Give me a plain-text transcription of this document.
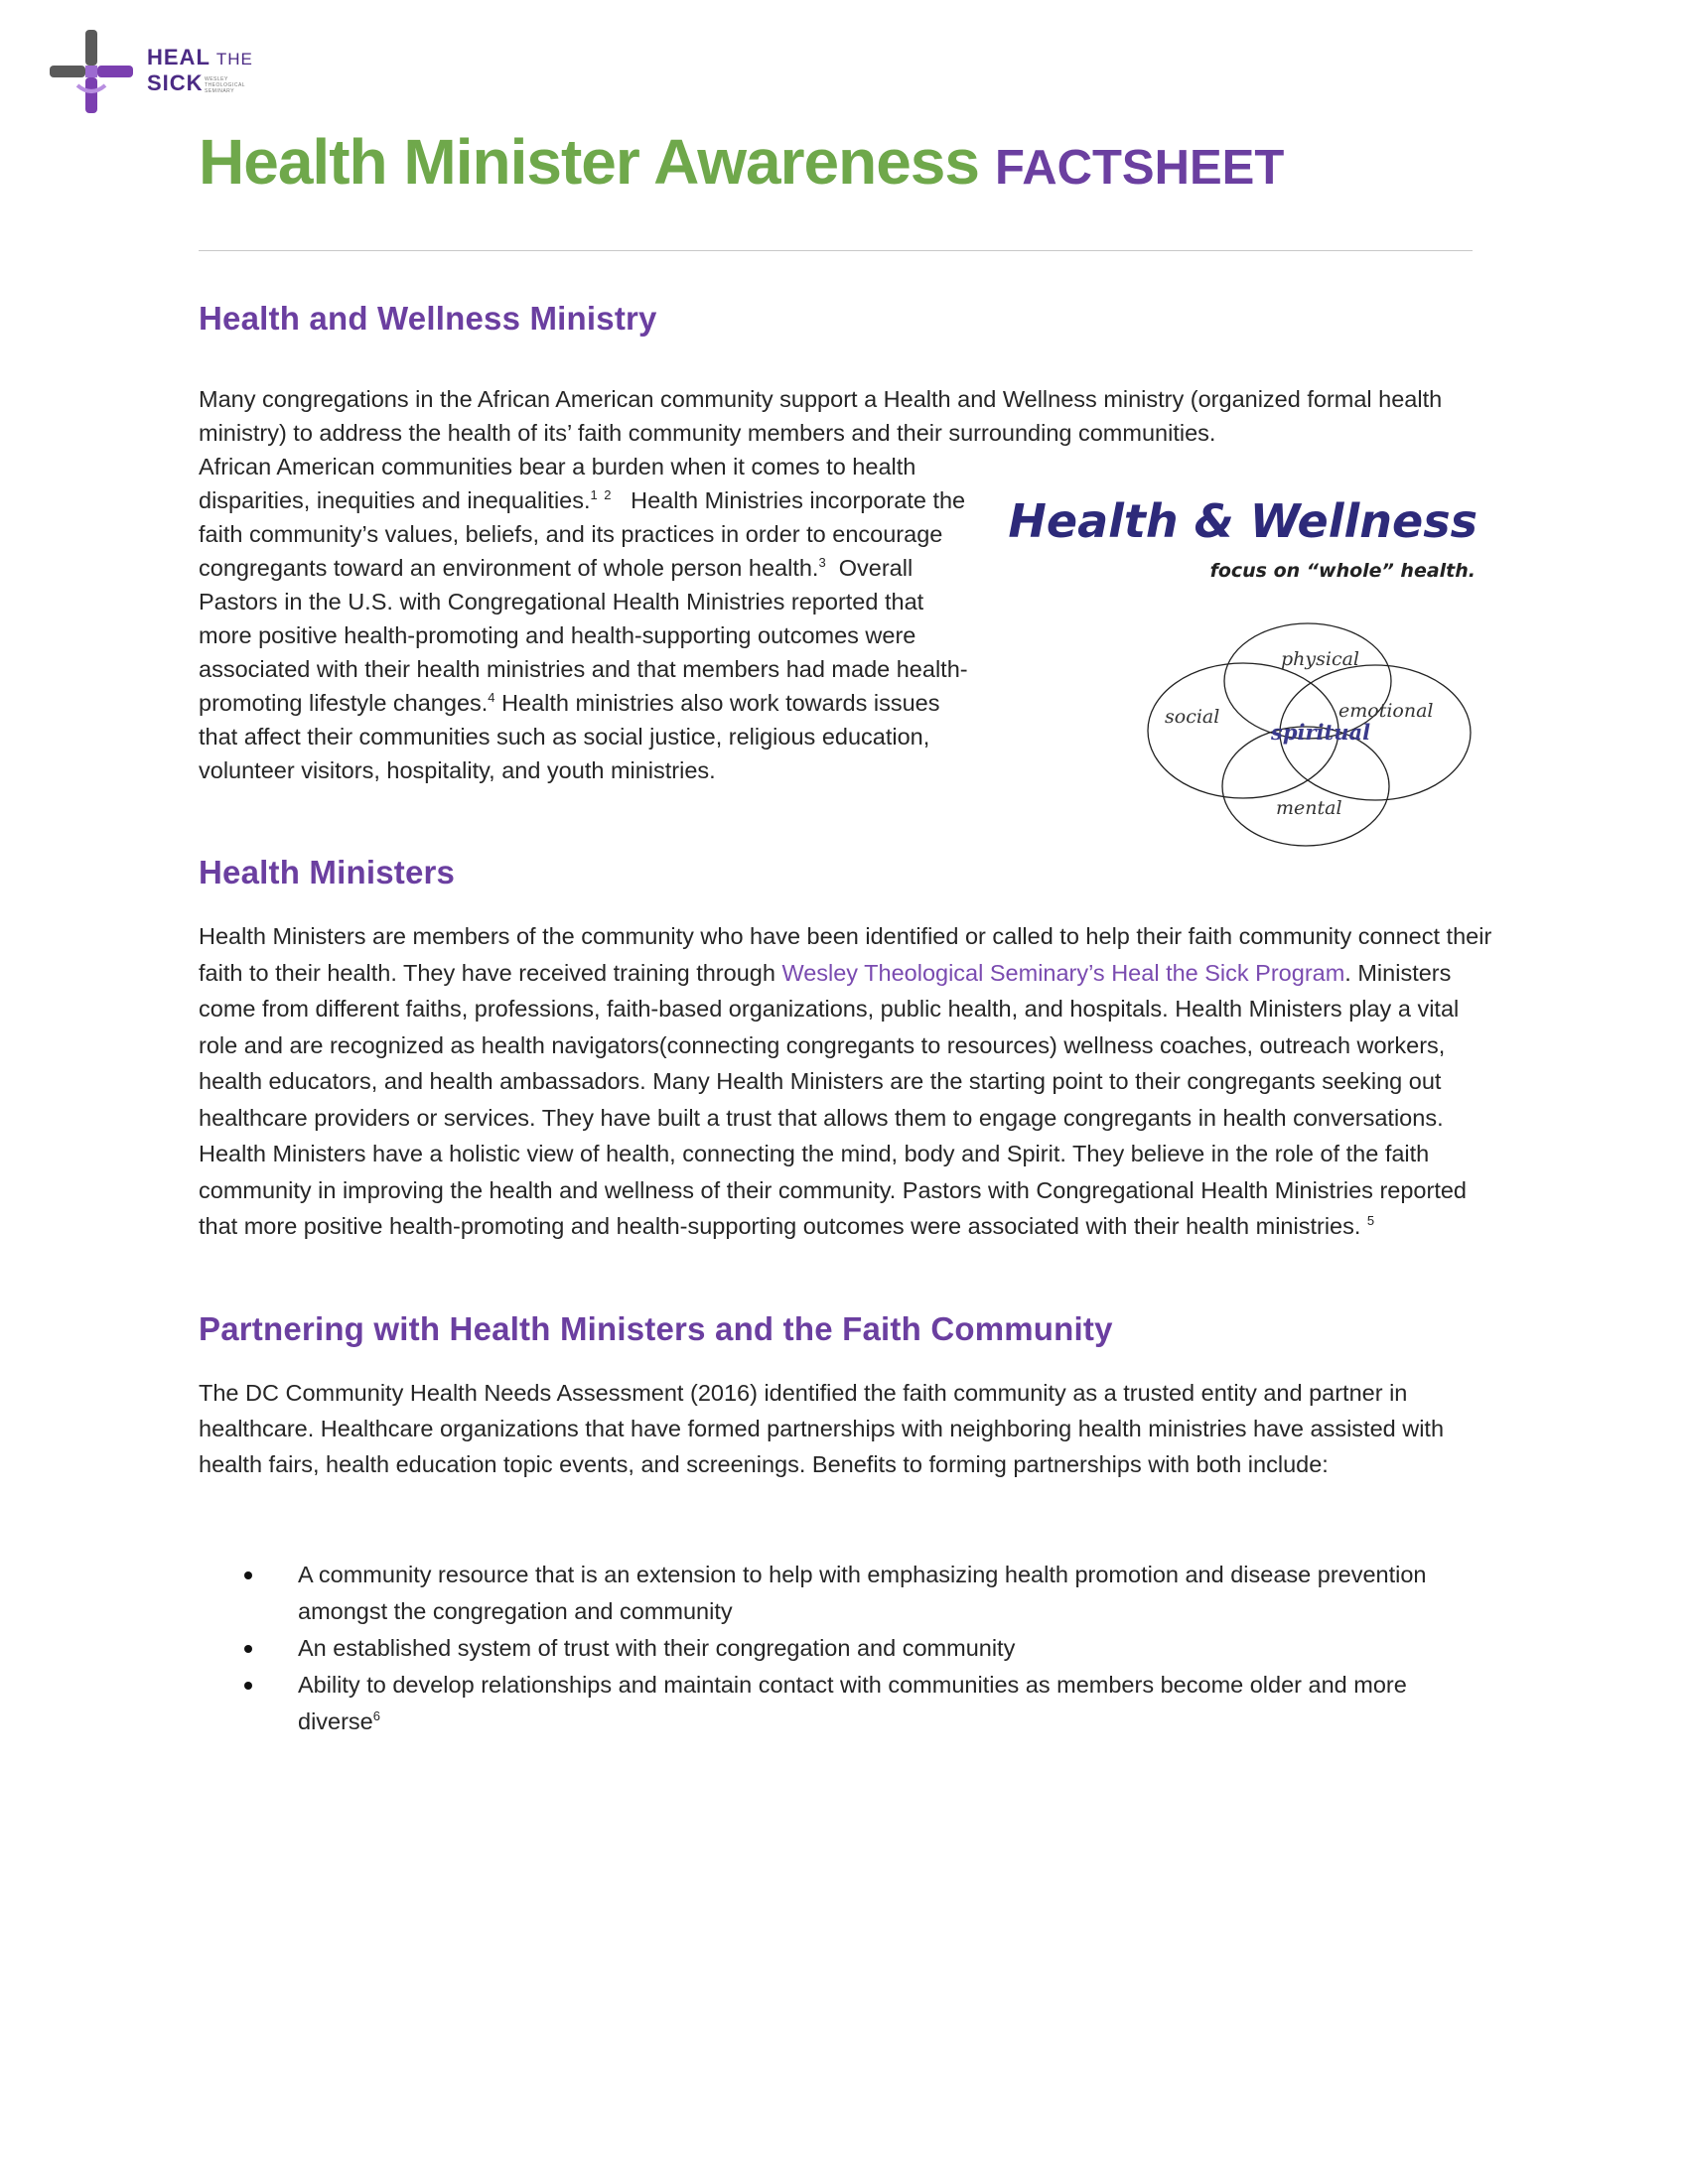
HEAL THE
SICK WESLEY THEOLOGICAL SEMINARY
Health Minister Awareness FACTSHEET
Health and Wellness Ministry

Many congregations in the African American community support a Health and Wellness ministry (organized formal health ministry) to address the health of its’ faith community members and their surrounding communities.

African American communities bear a burden when it comes to health disparities, inequities and inequalities.$^1$ $^2$ Health Ministries incorporate the faith community’s values, beliefs, and its practices in order to encourage congregants toward an environment of whole person health.$^3$ Overall Pastors in the U.S. with Congregational Health Ministries reported that more positive health-promoting and health-supporting outcomes were associated with their health ministries and that members had made health-promoting lifestyle changes.$^4$ Health ministries also work towards issues that affect their communities such as social justice, religious education, volunteer visitors, hospitality, and youth ministries.

Health & Wellness
focus on “whole” health.
physical
social	emotional
spiritual
mental
Health Ministers

Health Ministers are members of the community who have been identified or called to help their faith community connect their faith to their health. They have received training through Wesley Theological Seminary’s Heal the Sick Program. Ministers come from different faiths, professions, faith-based organizations, public health, and hospitals. Health Ministers play a vital role and are recognized as health navigators(connecting congregants to resources) wellness coaches, outreach workers, health educators, and health ambassadors. Many Health Ministers are the starting point to their congregants seeking out healthcare providers or services. They have built a trust that allows them to engage congregants in health conversations. Health Ministers have a holistic view of health, connecting the mind, body and Spirit. They believe in the role of the faith community in improving the health and wellness of their community. Pastors with Congregational Health Ministries reported that more positive health-promoting and health-supporting outcomes were associated with their health ministries. $^5$

Partnering with Health Ministers and the Faith Community

The DC Community Health Needs Assessment (2016) identified the faith community as a trusted entity and partner in healthcare. Healthcare organizations that have formed partnerships with neighboring health ministries have assisted with health fairs, health education topic events, and screenings. Benefits to forming partnerships with both include:

A community resource that is an extension to help with emphasizing health promotion and disease prevention amongst the congregation and community
An established system of trust with their congregation and community
Ability to develop relationships and maintain contact with communities as members become older and more diverse$^6$
